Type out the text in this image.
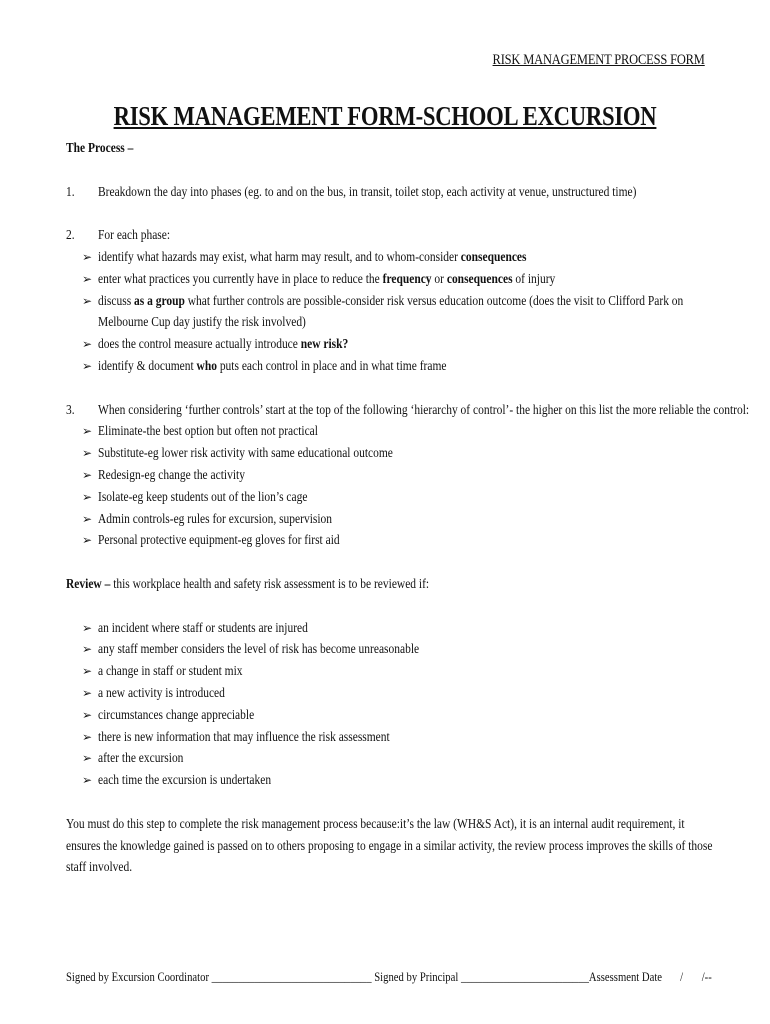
RISK MANAGEMENT PROCESS FORM
RISK MANAGEMENT FORM-SCHOOL EXCURSION
The Process –
1. Breakdown the day into phases (eg. to and on the bus, in transit, toilet stop, each activity at venue, unstructured time)
2. For each phase:
➢ identify what hazards may exist, what harm may result, and to whom-consider consequences
➢ enter what practices you currently have in place to reduce the frequency or consequences of injury
➢ discuss as a group what further controls are possible-consider risk versus education outcome (does the visit to Clifford Park on Melbourne Cup day justify the risk involved)
➢ does the control measure actually introduce new risk?
➢ identify & document who puts each control in place and in what time frame
3. When considering ‘further controls’ start at the top of the following ‘hierarchy of control’- the higher on this list the more reliable the control:
➢ Eliminate-the best option but often not practical
➢ Substitute-eg lower risk activity with same educational outcome
➢ Redesign-eg change the activity
➢ Isolate-eg keep students out of the lion’s cage
➢ Admin controls-eg rules for excursion, supervision
➢ Personal protective equipment-eg gloves for first aid
Review – this workplace health and safety risk assessment is to be reviewed if:
➢ an incident where staff or students are injured
➢ any staff member considers the level of risk has become unreasonable
➢ a change in staff or student mix
➢ a new activity is introduced
➢ circumstances change appreciable
➢ there is new information that may influence the risk assessment
➢ after the excursion
➢ each time the excursion is undertaken
You must do this step to complete the risk management process because:it’s the law (WH&S Act), it is an internal audit requirement, it ensures the knowledge gained is passed on to others proposing to engage in a similar activity, the review process improves the skills of those staff involved.
Signed by Excursion Coordinator ______________________________ Signed by Principal ________________________Assessment Date /       /--
